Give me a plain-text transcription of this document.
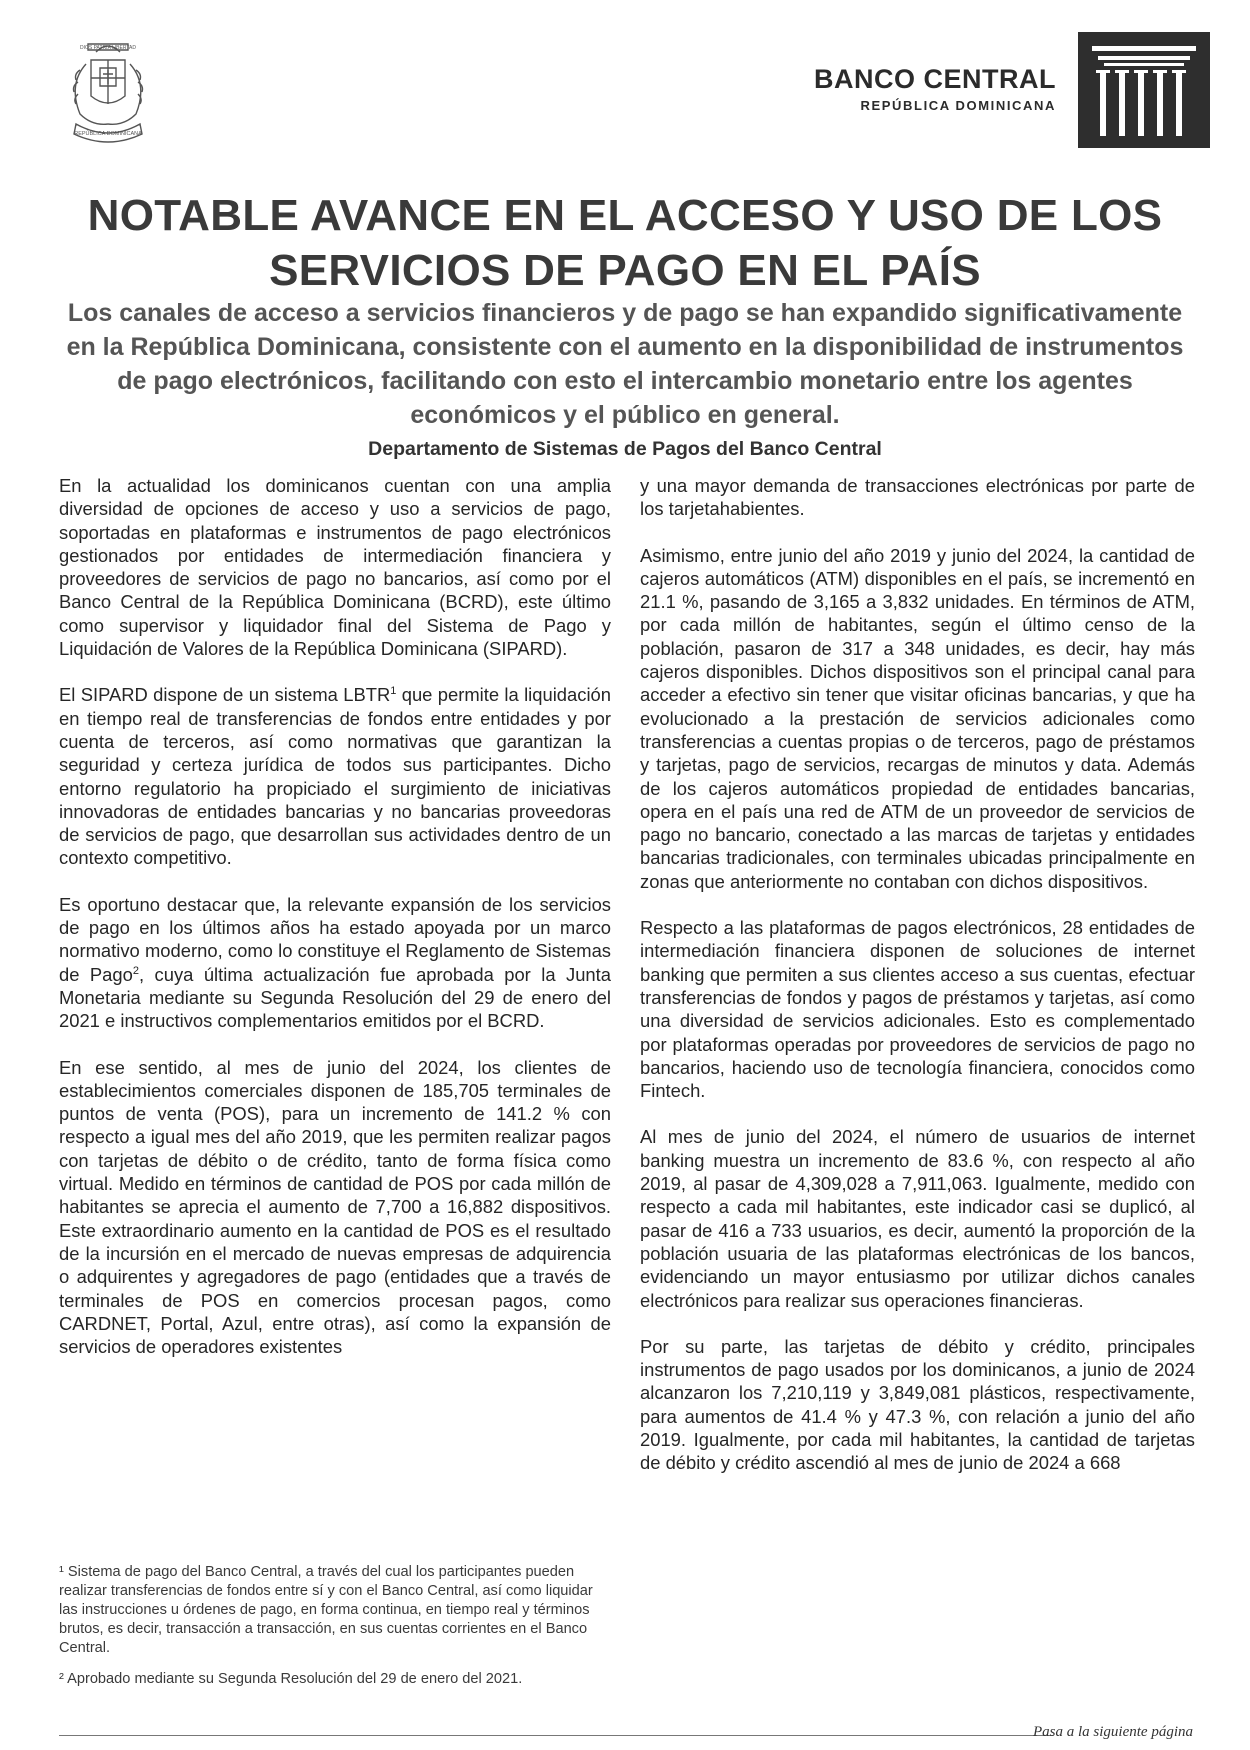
DIOS PATRIA LIBERTAD
REPÚBLICA DOMINICANA
BANCO CENTRAL
REPÚBLICA DOMINICANA
NOTABLE AVANCE EN EL ACCESO Y USO DE LOS SERVICIOS DE PAGO EN EL PAÍS

Los canales de acceso a servicios financieros y de pago se han expandido significativamente en la República Dominicana, consistente con el aumento en la disponibilidad de instrumentos de pago electrónicos, facilitando con esto el intercambio monetario entre los agentes económicos y el público en general.

Departamento de Sistemas de Pagos del Banco Central

En la actualidad los dominicanos cuentan con una amplia diversidad de opciones de acceso y uso a servicios de pago, soportadas en plataformas e instrumentos de pago electrónicos gestionados por entidades de intermediación financiera y proveedores de servicios de pago no bancarios, así como por el Banco Central de la República Dominicana (BCRD), este último como supervisor y liquidador final del Sistema de Pago y Liquidación de Valores de la República Dominicana (SIPARD).

El SIPARD dispone de un sistema LBTR$^1$ que permite la liquidación en tiempo real de transferencias de fondos entre entidades y por cuenta de terceros, así como normativas que garantizan la seguridad y certeza jurídica de todos sus participantes. Dicho entorno regulatorio ha propiciado el surgimiento de iniciativas innovadoras de entidades bancarias y no bancarias proveedoras de servicios de pago, que desarrollan sus actividades dentro de un contexto competitivo.

Es oportuno destacar que, la relevante expansión de los servicios de pago en los últimos años ha estado apoyada por un marco normativo moderno, como lo constituye el Reglamento de Sistemas de Pago$^2$, cuya última actualización fue aprobada por la Junta Monetaria mediante su Segunda Resolución del 29 de enero del 2021 e instructivos complementarios emitidos por el BCRD.

En ese sentido, al mes de junio del 2024, los clientes de establecimientos comerciales disponen de 185,705 terminales de puntos de venta (POS), para un incremento de 141.2 % con respecto a igual mes del año 2019, que les permiten realizar pagos con tarjetas de débito o de crédito, tanto de forma física como virtual. Medido en términos de cantidad de POS por cada millón de habitantes se aprecia el aumento de 7,700 a 16,882 dispositivos. Este extraordinario aumento en la cantidad de POS es el resultado de la incursión en el mercado de nuevas empresas de adquirencia o adquirentes y agregadores de pago (entidades que a través de terminales de POS en comercios procesan pagos, como CARDNET, Portal, Azul, entre otras), así como la expansión de servicios de operadores existentes

¹ Sistema de pago del Banco Central, a través del cual los participantes pueden realizar transferencias de fondos entre sí y con el Banco Central, así como liquidar las instrucciones u órdenes de pago, en forma continua, en tiempo real y términos brutos, es decir, transacción a transacción, en sus cuentas corrientes en el Banco Central.

² Aprobado mediante su Segunda Resolución del 29 de enero del 2021.

y una mayor demanda de transacciones electrónicas por parte de los tarjetahabientes.

Asimismo, entre junio del año 2019 y junio del 2024, la cantidad de cajeros automáticos (ATM) disponibles en el país, se incrementó en 21.1 %, pasando de 3,165 a 3,832 unidades. En términos de ATM, por cada millón de habitantes, según el último censo de la población, pasaron de 317 a 348 unidades, es decir, hay más cajeros disponibles. Dichos dispositivos son el principal canal para acceder a efectivo sin tener que visitar oficinas bancarias, y que ha evolucionado a la prestación de servicios adicionales como transferencias a cuentas propias o de terceros, pago de préstamos y tarjetas, pago de servicios, recargas de minutos y data. Además de los cajeros automáticos propiedad de entidades bancarias, opera en el país una red de ATM de un proveedor de servicios de pago no bancario, conectado a las marcas de tarjetas y entidades bancarias tradicionales, con terminales ubicadas principalmente en zonas que anteriormente no contaban con dichos dispositivos.

Respecto a las plataformas de pagos electrónicos, 28 entidades de intermediación financiera disponen de soluciones de internet banking que permiten a sus clientes acceso a sus cuentas, efectuar transferencias de fondos y pagos de préstamos y tarjetas, así como una diversidad de servicios adicionales. Esto es complementado por plataformas operadas por proveedores de servicios de pago no bancarios, haciendo uso de tecnología financiera, conocidos como Fintech.

Al mes de junio del 2024, el número de usuarios de internet banking muestra un incremento de 83.6 %, con respecto al año 2019, al pasar de 4,309,028 a 7,911,063. Igualmente, medido con respecto a cada mil habitantes, este indicador casi se duplicó, al pasar de 416 a 733 usuarios, es decir, aumentó la proporción de la población usuaria de las plataformas electrónicas de los bancos, evidenciando un mayor entusiasmo por utilizar dichos canales electrónicos para realizar sus operaciones financieras.

Por su parte, las tarjetas de débito y crédito, principales instrumentos de pago usados por los dominicanos, a junio de 2024 alcanzaron los 7,210,119 y 3,849,081 plásticos, respectivamente, para aumentos de 41.4 % y 47.3 %, con relación a junio del año 2019. Igualmente, por cada mil habitantes, la cantidad de tarjetas de débito y crédito ascendió al mes de junio de 2024 a 668

Pasa a la siguiente página
